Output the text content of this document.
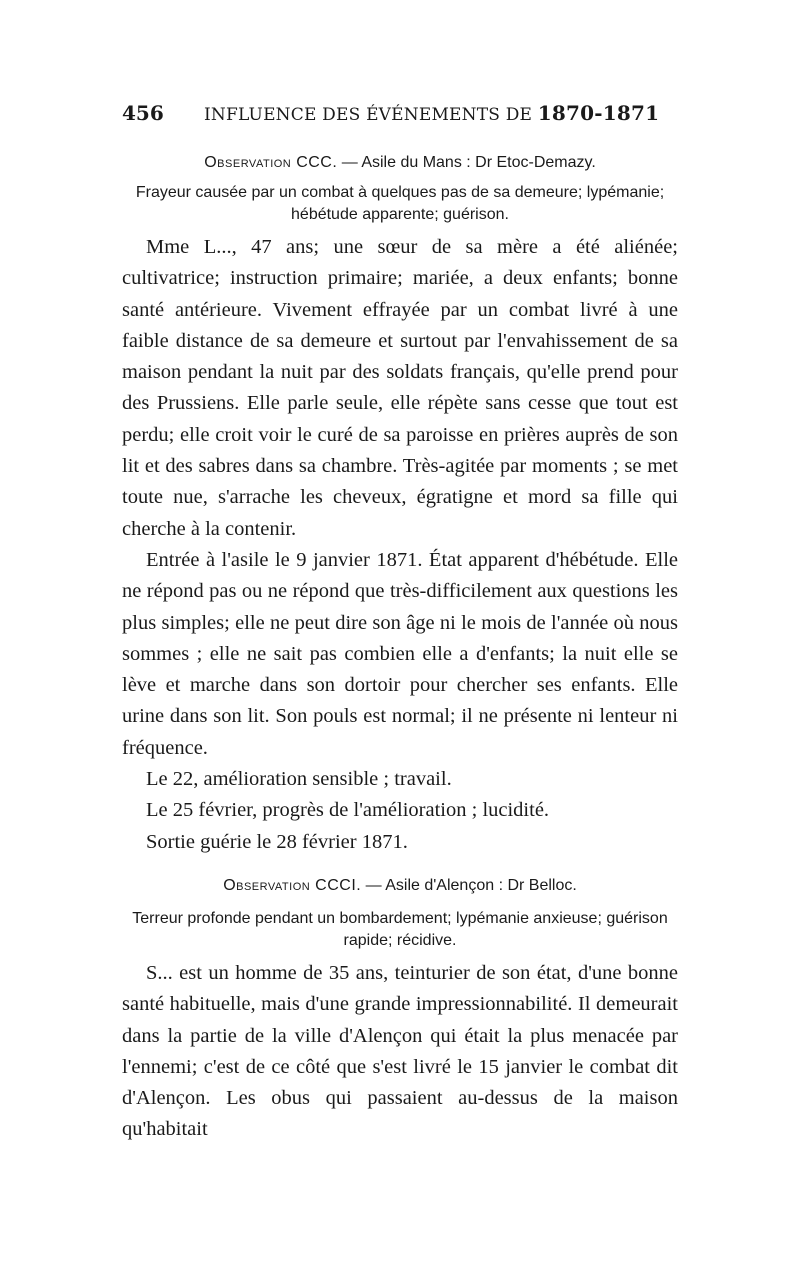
456 INFLUENCE DES ÉVÉNEMENTS DE 1870-1871
Observation CCC. — Asile du Mans : Dr Etoc-Demazy.
Frayeur causée par un combat à quelques pas de sa demeure; lypémanie; hébétude apparente; guérison.

Mme L..., 47 ans; une sœur de sa mère a été aliénée; cultivatrice; instruction primaire; mariée, a deux enfants; bonne santé antérieure. Vivement effrayée par un combat livré à une faible distance de sa demeure et surtout par l'envahissement de sa maison pendant la nuit par des soldats français, qu'elle prend pour des Prussiens. Elle parle seule, elle répète sans cesse que tout est perdu; elle croit voir le curé de sa paroisse en prières auprès de son lit et des sabres dans sa chambre. Très-agitée par moments ; se met toute nue, s'arrache les cheveux, égratigne et mord sa fille qui cherche à la contenir.

Entrée à l'asile le 9 janvier 1871. État apparent d'hébétude. Elle ne répond pas ou ne répond que très-difficilement aux questions les plus simples; elle ne peut dire son âge ni le mois de l'année où nous sommes ; elle ne sait pas combien elle a d'enfants; la nuit elle se lève et marche dans son dortoir pour chercher ses enfants. Elle urine dans son lit. Son pouls est normal; il ne présente ni lenteur ni fréquence.

Le 22, amélioration sensible ; travail.

Le 25 février, progrès de l'amélioration ; lucidité.

Sortie guérie le 28 février 1871.

Observation CCCI. — Asile d'Alençon : Dr Belloc.
Terreur profonde pendant un bombardement; lypémanie anxieuse; guérison rapide; récidive.

S... est un homme de 35 ans, teinturier de son état, d'une bonne santé habituelle, mais d'une grande impressionnabilité. Il demeurait dans la partie de la ville d'Alençon qui était la plus menacée par l'ennemi; c'est de ce côté que s'est livré le 15 janvier le combat dit d'Alençon. Les obus qui passaient au-dessus de la maison qu'habitait
